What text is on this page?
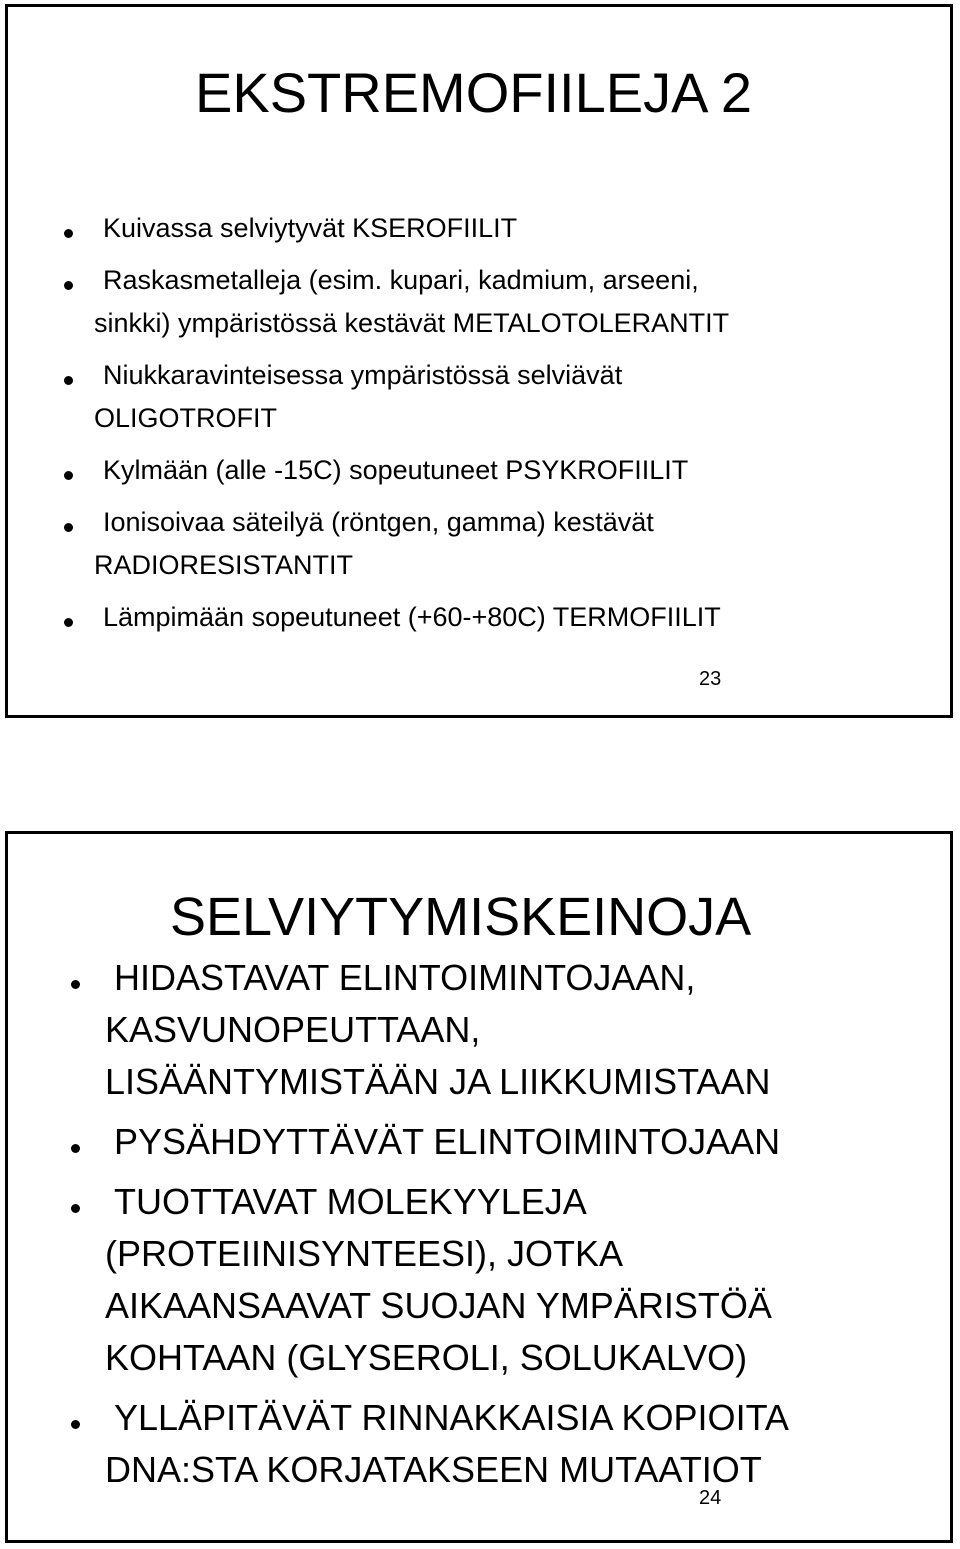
EKSTREMOFIILEJA 2
Kuivassa selviytyvät KSEROFIILIT
Raskasmetalleja (esim. kupari, kadmium, arseeni,
sinkki) ympäristössä kestävät METALOTOLERANTIT
Niukkaravinteisessa ympäristössä selviävät
OLIGOTROFIT
Kylmään (alle -15C) sopeutuneet PSYKROFIILIT
Ionisoivaa säteilyä (röntgen, gamma) kestävät
RADIORESISTANTIT
Lämpimään sopeutuneet (+60-+80C) TERMOFIILIT
23
SELVIYTYMISKEINOJA
HIDASTAVAT ELINTOIMINTOJAAN,
KASVUNOPEUTTAAN,
LISÄÄNTYMISTÄÄN JA LIIKKUMISTAAN
PYSÄHDYTTÄVÄT ELINTOIMINTOJAAN
TUOTTAVAT MOLEKYYLEJA
(PROTEIINISYNTEESI), JOTKA
AIKAANSAAVAT SUOJAN YMPÄRISTÖÄ
KOHTAAN (GLYSEROLI, SOLUKALVO)
YLLÄPITÄVÄT RINNAKKAISIA KOPIOITA
DNA:STA KORJATAKSEEN MUTAATIOT
24
